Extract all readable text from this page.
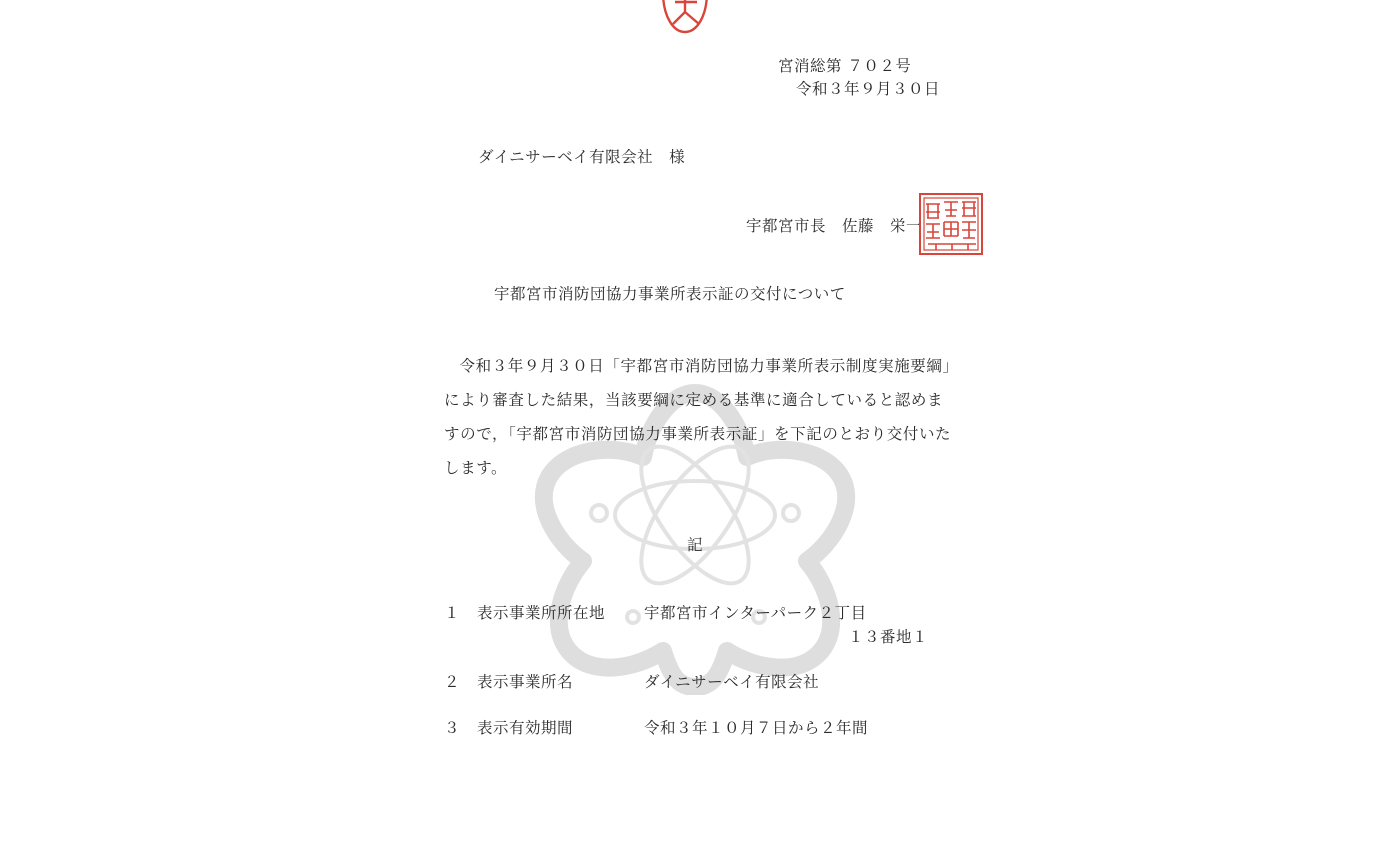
宮消総第 ７０２号
令和３年９月３０日
ダイニサーベイ有限会社　様
宇都宮市長　佐藤　栄一
宇都宮市消防団協力事業所表示証の交付について
令和３年９月３０日「宇都宮市消防団協力事業所表示制度実施要綱」により審査した結果，当該要綱に定める基準に適合していると認めますので，「宇都宮市消防団協力事業所表示証」を下記のとおり交付いたします。
記
１ 表示事業所所在地	宇都宮市インターパーク２丁目
１３番地１
２ 表示事業所名	ダイニサーベイ有限会社
３ 表示有効期間	令和３年１０月７日から２年間
